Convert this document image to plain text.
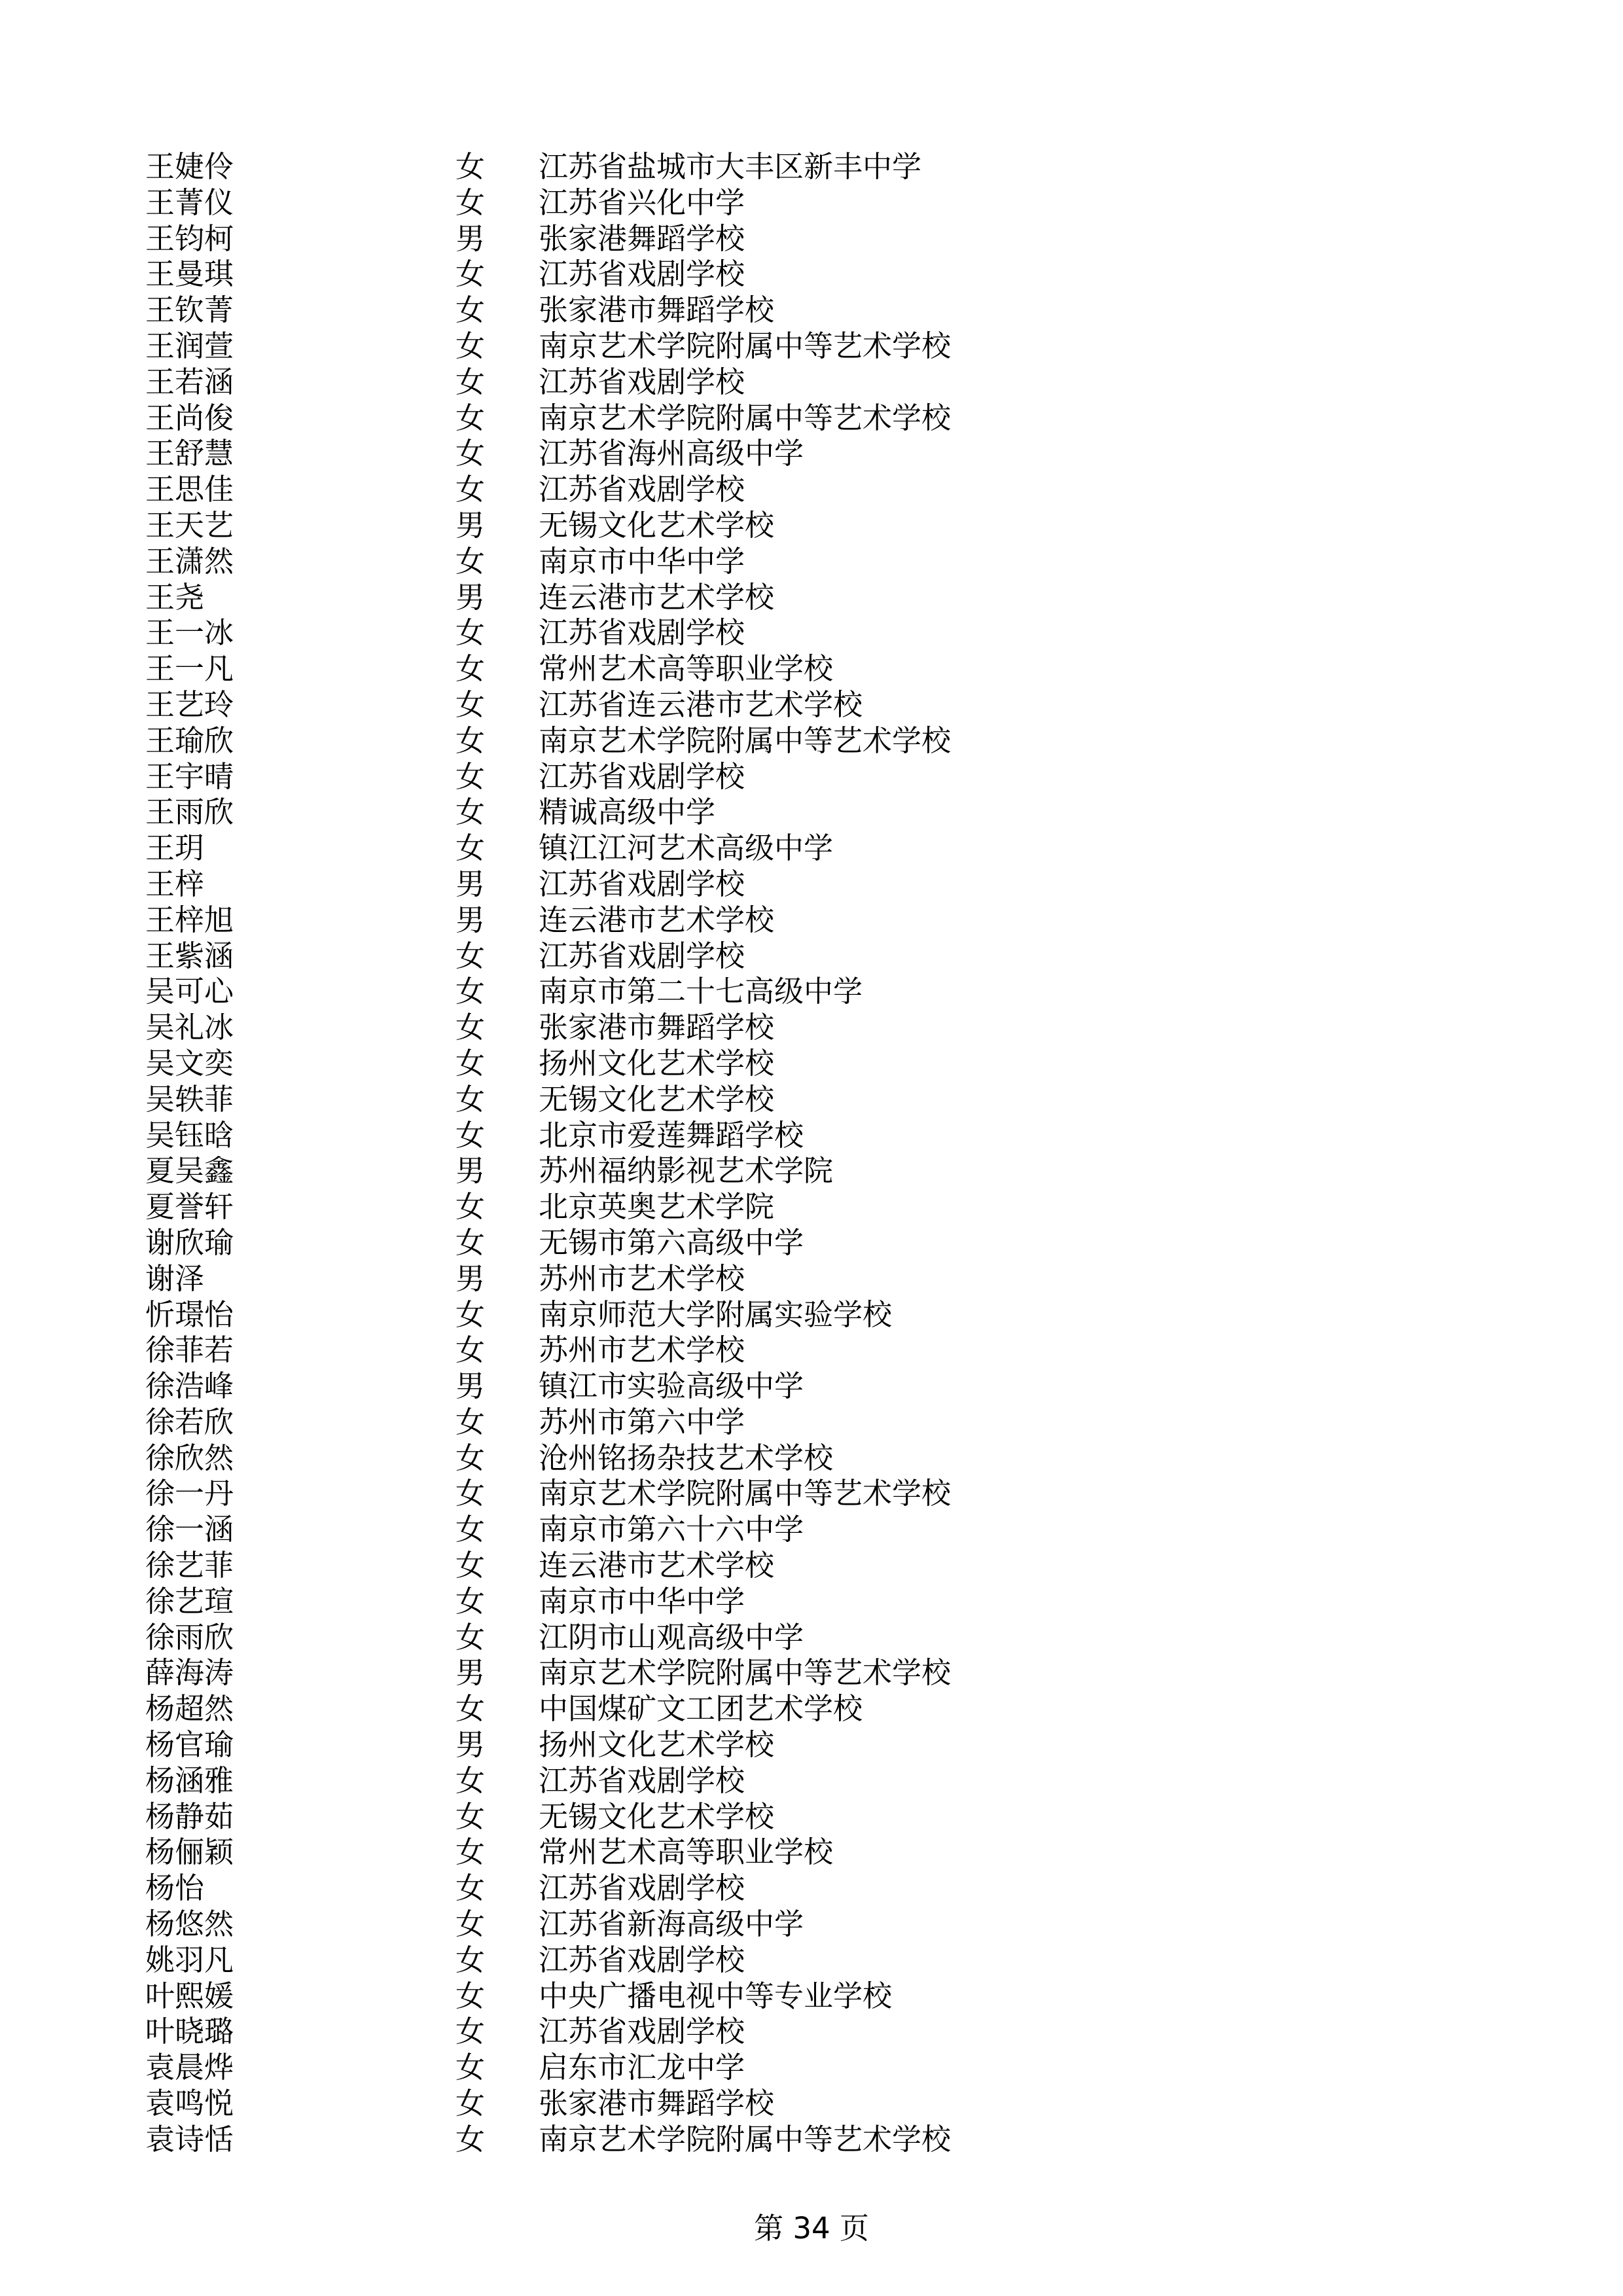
王婕伶	女 江苏省盐城市大丰区新丰中学
王菁仪	女 江苏省兴化中学
王钧柯	男 张家港舞蹈学校
王曼琪	女 江苏省戏剧学校
王钦菁	女 张家港市舞蹈学校
王润萱	女 南京艺术学院附属中等艺术学校
王若涵	女 江苏省戏剧学校
王尚俊	女 南京艺术学院附属中等艺术学校
王舒慧	女 江苏省海州高级中学
王思佳	女 江苏省戏剧学校
王天艺	男 无锡文化艺术学校
王潇然	女 南京市中华中学
王尧	男 连云港市艺术学校
王一冰	女 江苏省戏剧学校
王一凡	女 常州艺术高等职业学校
王艺玲	女 江苏省连云港市艺术学校
王瑜欣	女 南京艺术学院附属中等艺术学校
王宇晴	女 江苏省戏剧学校
王雨欣	女 精诚高级中学
王玥	女 镇江江河艺术高级中学
王梓	男 江苏省戏剧学校
王梓旭	男 连云港市艺术学校
王紫涵	女 江苏省戏剧学校
吴可心	女 南京市第二十七高级中学
吴礼冰	女 张家港市舞蹈学校
吴文奕	女 扬州文化艺术学校
吴轶菲	女 无锡文化艺术学校
吴钰晗	女 北京市爱莲舞蹈学校
夏吴鑫	男 苏州福纳影视艺术学院
夏誉轩	女 北京英奥艺术学院
谢欣瑜	女 无锡市第六高级中学
谢泽	男 苏州市艺术学校
忻璟怡	女 南京师范大学附属实验学校
徐菲若	女 苏州市艺术学校
徐浩峰	男 镇江市实验高级中学
徐若欣	女 苏州市第六中学
徐欣然	女 沧州铭扬杂技艺术学校
徐一丹	女 南京艺术学院附属中等艺术学校
徐一涵	女 南京市第六十六中学
徐艺菲	女 连云港市艺术学校
徐艺瑄	女 南京市中华中学
徐雨欣	女 江阴市山观高级中学
薛海涛	男 南京艺术学院附属中等艺术学校
杨超然	女 中国煤矿文工团艺术学校
杨官瑜	男 扬州文化艺术学校
杨涵雅	女 江苏省戏剧学校
杨静茹	女 无锡文化艺术学校
杨俪颖	女 常州艺术高等职业学校
杨怡	女 江苏省戏剧学校
杨悠然	女 江苏省新海高级中学
姚羽凡	女 江苏省戏剧学校
叶熙媛	女 中央广播电视中等专业学校
叶晓璐	女 江苏省戏剧学校
袁晨烨	女 启东市汇龙中学
袁鸣悦	女 张家港市舞蹈学校
袁诗恬	女 南京艺术学院附属中等艺术学校
第 34 页
